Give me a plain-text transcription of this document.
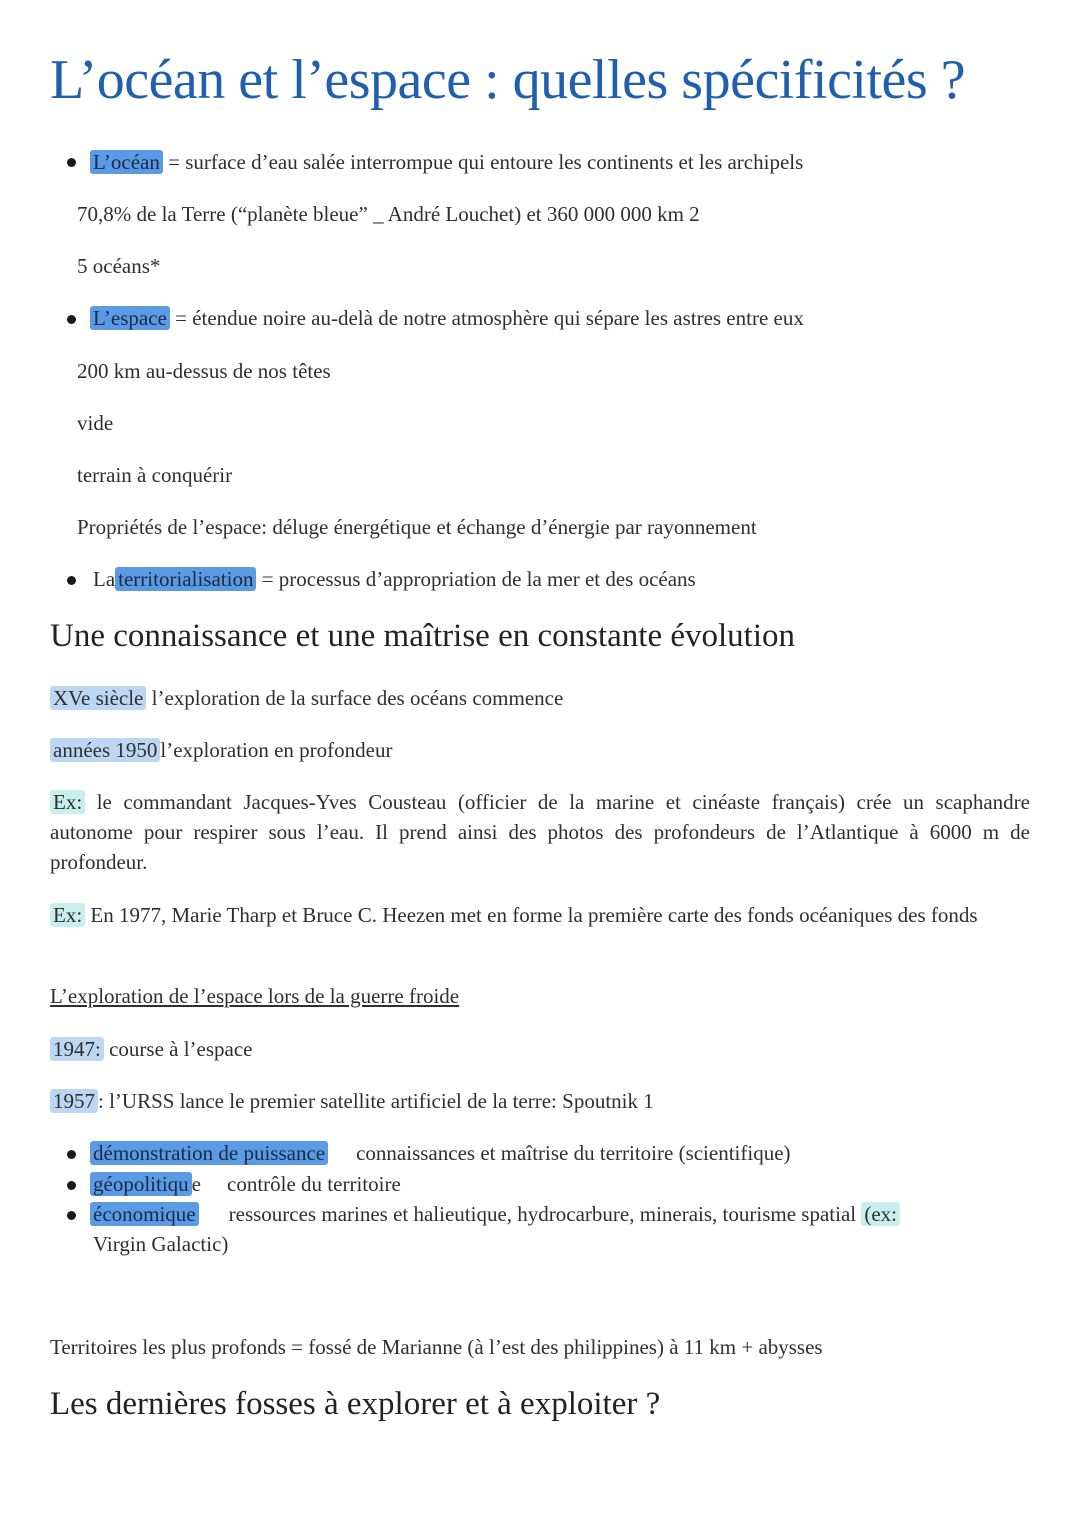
L’océan et l’espace : quelles spécificités ?
L’océan = surface d’eau salée interrompue qui entoure les continents et les archipels
70,8% de la Terre (“planète bleue” _ André Louchet) et 360 000 000 km 2
5 océans*
L’espace = étendue noire au-delà de notre atmosphère qui sépare les astres entre eux
200 km au-dessus de nos têtes
vide
terrain à conquérir
Propriétés de l’espace: déluge énergétique et échange d’énergie par rayonnement
La territorialisation = processus d’appropriation de la mer et des océans
Une connaissance et une maîtrise en constante évolution
XVe siècle l’exploration de la surface des océans commence
années 1950 l’exploration en profondeur
Ex: le commandant Jacques-Yves Cousteau (officier de la marine et cinéaste français) crée un scaphandre autonome pour respirer sous l’eau. Il prend ainsi des photos des profondeurs de l’Atlantique à 6000 m de profondeur.
Ex: En 1977, Marie Tharp et Bruce C. Heezen met en forme la première carte des fonds océaniques des fonds
L’exploration de l’espace lors de la guerre froide
1947: course à l’espace
1957 : l’URSS lance le premier satellite artificiel de la terre: Spoutnik 1
démonstration de puissance connaissances et maîtrise du territoire (scientifique)
géopolitiqu e contrôle du territoire
économique ressources marines et halieutique, hydrocarbure, minerais, tourisme spatial (ex:
Virgin Galactic)
Territoires les plus profonds = fossé de Marianne (à l’est des philippines) à 11 km + abysses
Les dernières fosses à explorer et à exploiter ?
